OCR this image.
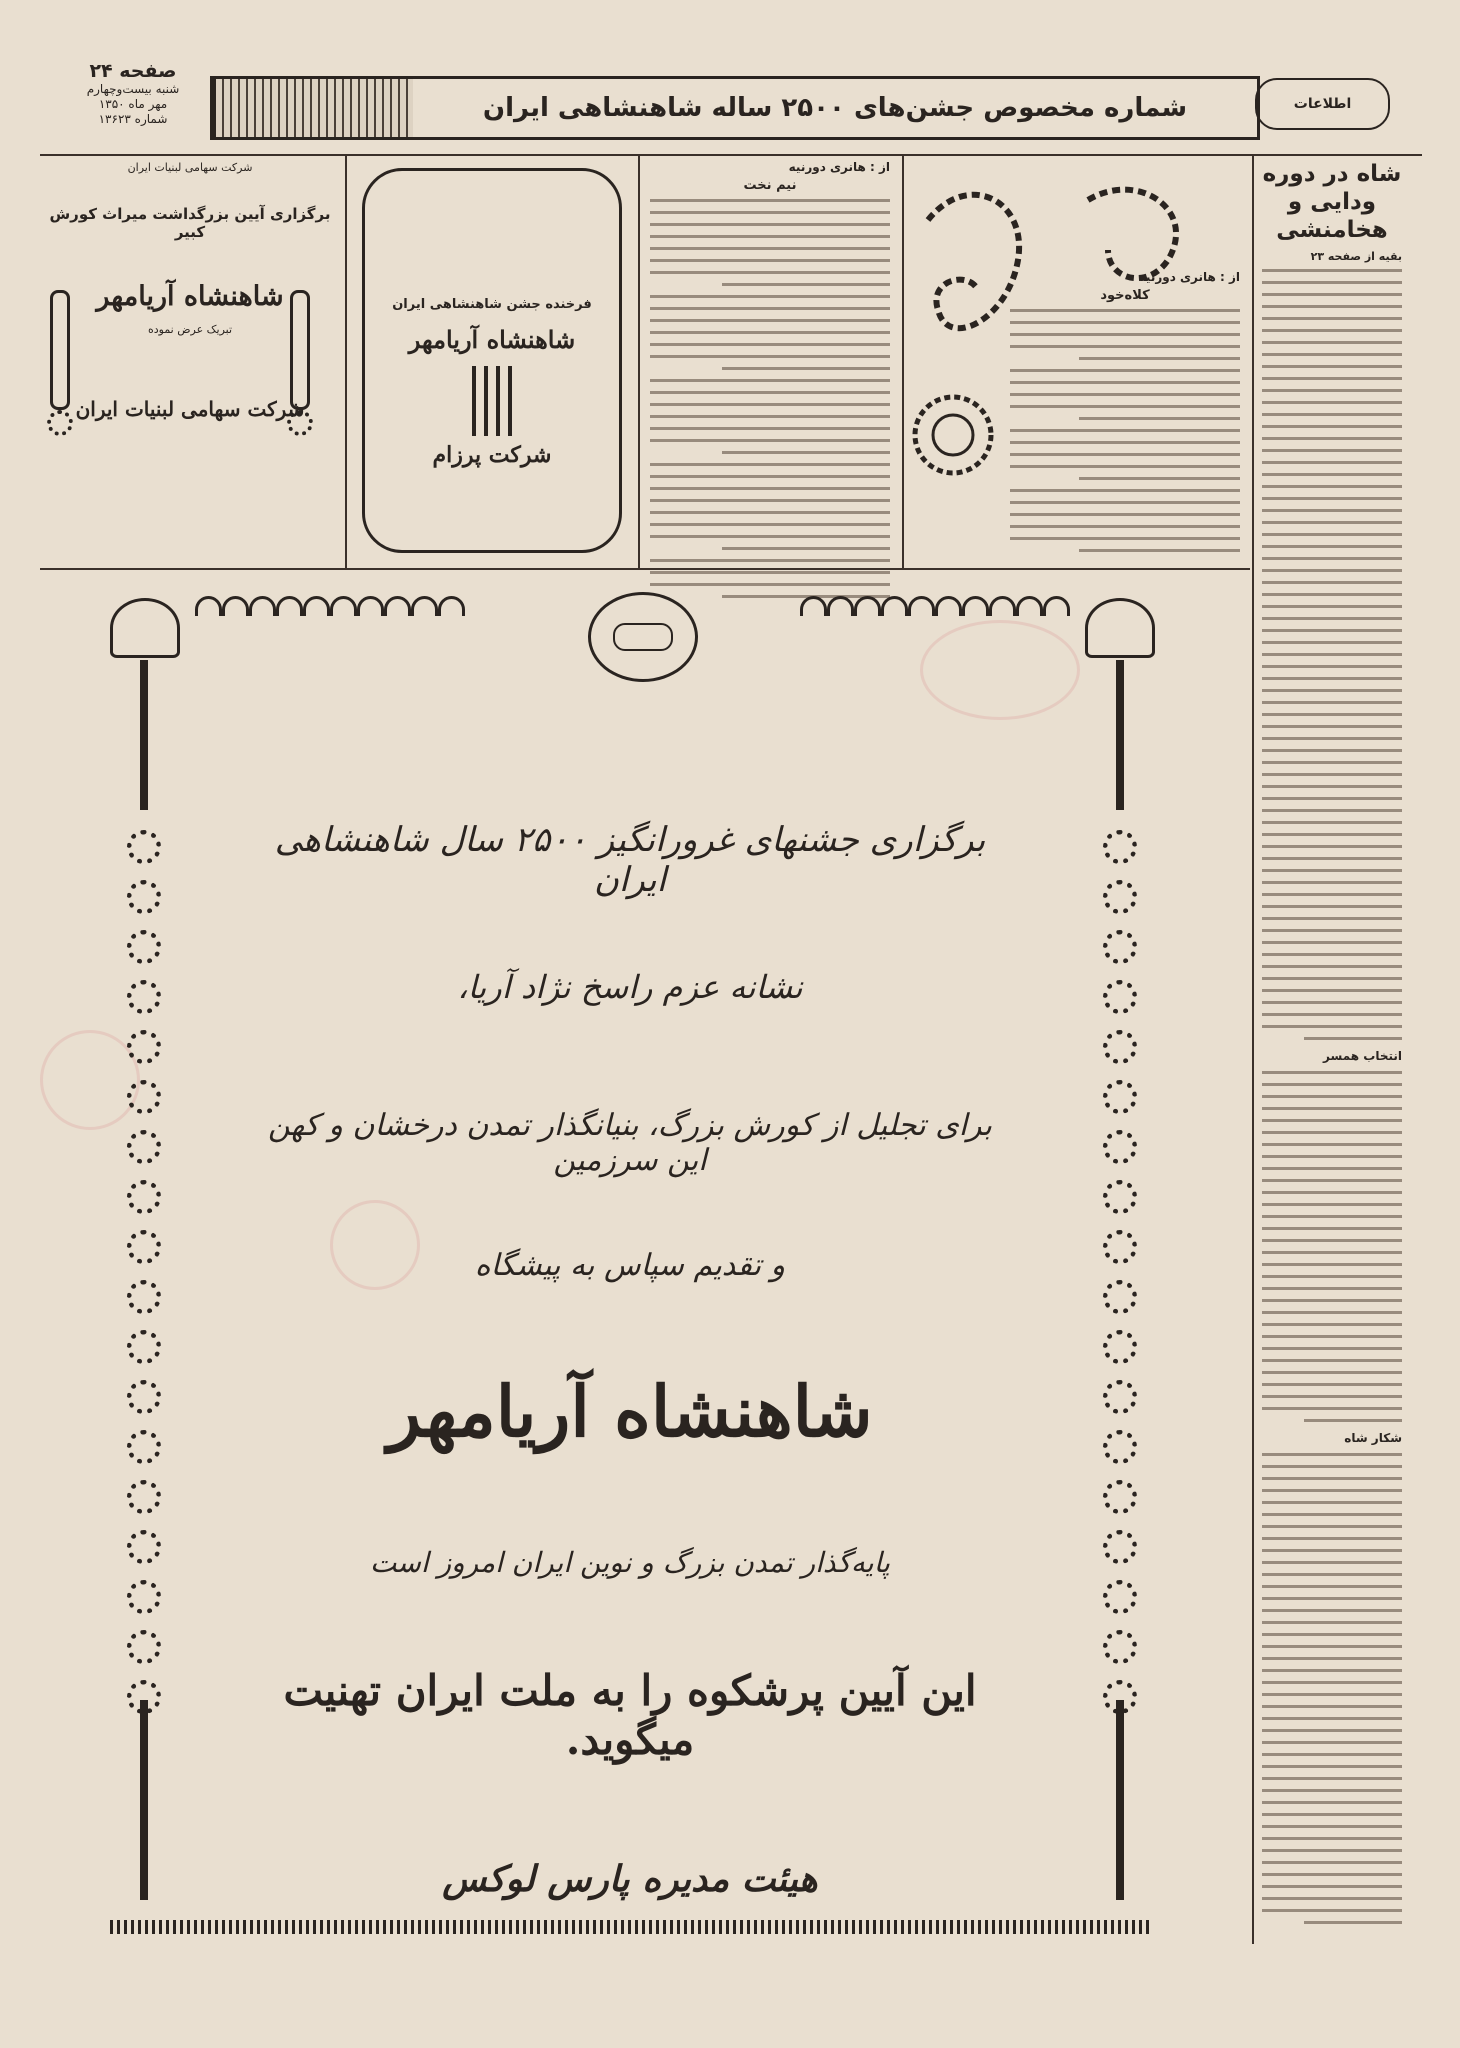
صفحه ۲۴
شنبه بیست‌وچهارم
مهر ماه ۱۳۵۰
شماره ۱۳۶۲۳	شماره مخصوص جشن‌های ۲۵۰۰ ساله شاهنشاهی ایران	اطلاعات
شاه در دوره ودایی و هخامنشی
بقیه از صفحه ۲۳
انتخاب همسر
شکار شاه
از : هانری دورنیه
نیم نخت
از : هانری دورنیه
کلاه‌خود
شرکت سهامی لبنیات ایران
برگزاری آیین بزرگداشت میراث کورش کبیر
شاهنشاه آریامهر
تبریک عرض نموده
شرکت سهامی لبنیات ایران
فرخنده جشن شاهنشاهی ایران
شاهنشاه آریامهر
شرکت پرزام
برگزاری جشنهای غرورانگیز ۲۵۰۰ سال شاهنشاهی ایران
نشانه عزم راسخ نژاد آریا،
برای تجلیل از کورش بزرگ، بنیانگذار تمدن درخشان و کهن این سرزمین
و تقدیم سپاس به پیشگاه
شاهنشاه آریامهر
پایه‌گذار تمدن بزرگ و نوین ایران امروز است
این آیین پرشکوه را به ملت ایران تهنیت میگوید.
هیئت مدیره پارس لوکس
